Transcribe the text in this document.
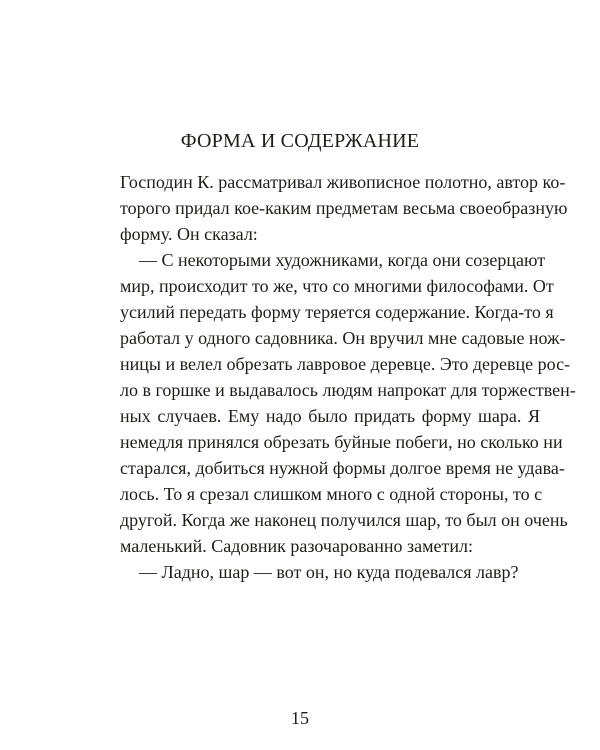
ФОРМА И СОДЕРЖАНИЕ
Господин К. рассматривал живописное полотно, автор ко-
торого придал кое-каким предметам весьма своеобразную
форму. Он сказал:
— С некоторыми художниками, когда они созерцают
мир, происходит то же, что со многими философами. От
усилий передать форму теряется содержание. Когда-то я
работал у одного садовника. Он вручил мне садовые нож-
ницы и велел обрезать лавровое деревце. Это деревце рос-
ло в горшке и выдавалось людям напрокат для торжествен-
ных случаев. Ему надо было придать форму шара. Я
немедля принялся обрезать буйные побеги, но сколько ни
старался, добиться нужной формы долгое время не удава-
лось. То я срезал слишком много с одной стороны, то с
другой. Когда же наконец получился шар, то был он очень
маленький. Садовник разочарованно заметил:
— Ладно, шар — вот он, но куда подевался лавр?

15
